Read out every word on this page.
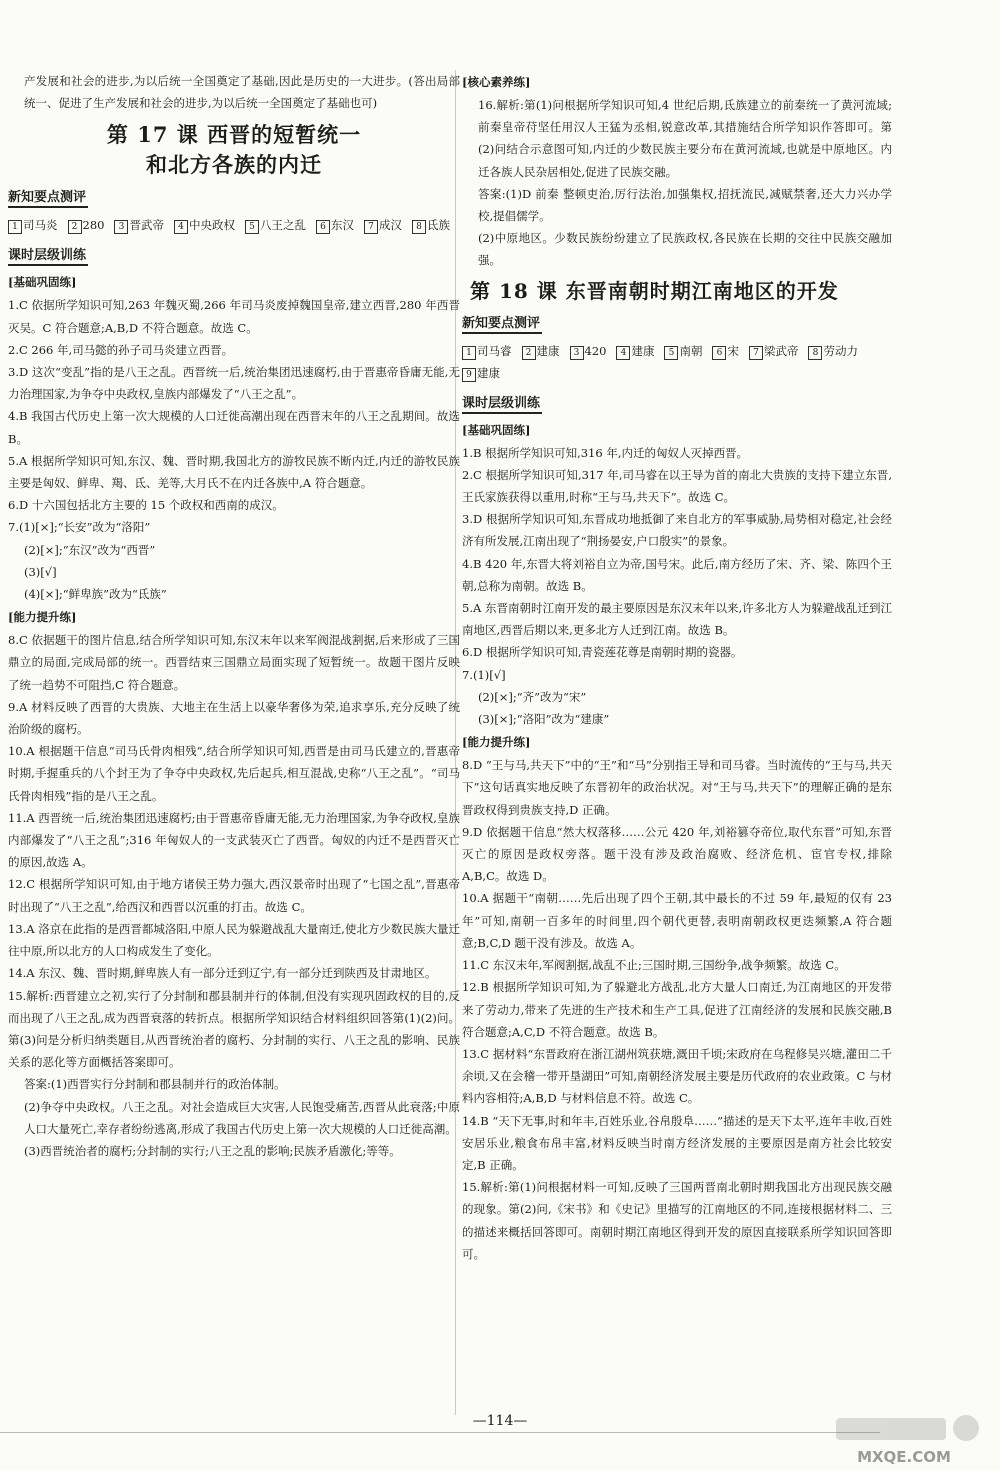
产发展和社会的进步,为以后统一全国奠定了基础,因此是历史的一大进步。(答出局部统一、促进了生产发展和社会的进步,为以后统一全国奠定了基础也可)

第 17 课 西晋的短暂统一
和北方各族的内迁
新知要点测评
1 司马炎 2 280 3 晋武帝 4 中央政权 5 八王之乱 6 东汉 7 成汉 8 氐族
课时层级训练
[基础巩固练]

1.C 依据所学知识可知,263 年魏灭蜀,266 年司马炎废掉魏国皇帝,建立西晋,280 年西晋灭吴。C 符合题意;A,B,D 不符合题意。故选 C。

2.C 266 年,司马懿的孙子司马炎建立西晋。

3.D 这次“变乱”指的是八王之乱。西晋统一后,统治集团迅速腐朽,由于晋惠帝昏庸无能,无力治理国家,为争夺中央政权,皇族内部爆发了“八王之乱”。

4.B 我国古代历史上第一次大规模的人口迁徙高潮出现在西晋末年的八王之乱期间。故选 B。

5.A 根据所学知识可知,东汉、魏、晋时期,我国北方的游牧民族不断内迁,内迁的游牧民族主要是匈奴、鲜卑、羯、氐、羌等,大月氏不在内迁各族中,A 符合题意。

6.D 十六国包括北方主要的 15 个政权和西南的成汉。

7.(1)[×];“长安”改为“洛阳”

(2)[×];“东汉”改为“西晋”

(3)[√]

(4)[×];“鲜卑族”改为“氐族”

[能力提升练]

8.C 依据题干的图片信息,结合所学知识可知,东汉末年以来军阀混战割据,后来形成了三国鼎立的局面,完成局部的统一。西晋结束三国鼎立局面实现了短暂统一。故题干图片反映了统一趋势不可阻挡,C 符合题意。

9.A 材料反映了西晋的大贵族、大地主在生活上以豪华奢侈为荣,追求享乐,充分反映了统治阶级的腐朽。

10.A 根据题干信息“司马氏骨肉相残”,结合所学知识可知,西晋是由司马氏建立的,晋惠帝时期,手握重兵的八个封王为了争夺中央政权,先后起兵,相互混战,史称“八王之乱”。“司马氏骨肉相残”指的是八王之乱。

11.A 西晋统一后,统治集团迅速腐朽;由于晋惠帝昏庸无能,无力治理国家,为争夺政权,皇族内部爆发了“八王之乱”;316 年匈奴人的一支武装灭亡了西晋。匈奴的内迁不是西晋灭亡的原因,故选 A。

12.C 根据所学知识可知,由于地方诸侯王势力强大,西汉景帝时出现了“七国之乱”,晋惠帝时出现了“八王之乱”,给西汉和西晋以沉重的打击。故选 C。

13.A 洛京在此指的是西晋都城洛阳,中原人民为躲避战乱大量南迁,使北方少数民族大量迁往中原,所以北方的人口构成发生了变化。

14.A 东汉、魏、晋时期,鲜卑族人有一部分迁到辽宁,有一部分迁到陕西及甘肃地区。

15.解析:西晋建立之初,实行了分封制和郡县制并行的体制,但没有实现巩固政权的目的,反而出现了八王之乱,成为西晋衰落的转折点。根据所学知识结合材料组织回答第(1)(2)问。第(3)问是分析归纳类题目,从西晋统治者的腐朽、分封制的实行、八王之乱的影响、民族关系的恶化等方面概括答案即可。

答案:(1)西晋实行分封制和郡县制并行的政治体制。

(2)争夺中央政权。八王之乱。对社会造成巨大灾害,人民饱受痛苦,西晋从此衰落;中原人口大量死亡,幸存者纷纷逃离,形成了我国古代历史上第一次大规模的人口迁徙高潮。

(3)西晋统治者的腐朽;分封制的实行;八王之乱的影响;民族矛盾激化;等等。

[核心素养练]

16.解析:第(1)问根据所学知识可知,4 世纪后期,氐族建立的前秦统一了黄河流域;前秦皇帝苻坚任用汉人王猛为丞相,锐意改革,其措施结合所学知识作答即可。第(2)问结合示意图可知,内迁的少数民族主要分布在黄河流域,也就是中原地区。内迁各族人民杂居相处,促进了民族交融。

答案:(1)D 前秦 整顿吏治,厉行法治,加强集权,招抚流民,减赋禁奢,还大力兴办学校,提倡儒学。

(2)中原地区。少数民族纷纷建立了民族政权,各民族在长期的交往中民族交融加强。

第 18 课 东晋南朝时期江南地区的开发
新知要点测评
1 司马睿 2 建康 3 420 4 建康 5 南朝 6 宋 7 梁武帝 8 劳动力9 建康
课时层级训练
[基础巩固练]

1.B 根据所学知识可知,316 年,内迁的匈奴人灭掉西晋。

2.C 根据所学知识可知,317 年,司马睿在以王导为首的南北大贵族的支持下建立东晋,王氏家族获得以重用,时称“王与马,共天下”。故选 C。

3.D 根据所学知识可知,东晋成功地抵御了来自北方的军事威胁,局势相对稳定,社会经济有所发展,江南出现了“荆扬晏安,户口殷实”的景象。

4.B 420 年,东晋大将刘裕自立为帝,国号宋。此后,南方经历了宋、齐、梁、陈四个王朝,总称为南朝。故选 B。

5.A 东晋南朝时江南开发的最主要原因是东汉末年以来,许多北方人为躲避战乱迁到江南地区,西晋后期以来,更多北方人迁到江南。故选 B。

6.D 根据所学知识可知,青瓷莲花尊是南朝时期的瓷器。

7.(1)[√]

(2)[×];“齐”改为“宋”

(3)[×];“洛阳”改为“建康”

[能力提升练]

8.D “王与马,共天下”中的“王”和“马”分别指王导和司马睿。当时流传的“王与马,共天下”这句话真实地反映了东晋初年的政治状况。对“王与马,共天下”的理解正确的是东晋政权得到贵族支持,D 正确。

9.D 依据题干信息“然大权落移……公元 420 年,刘裕篡夺帝位,取代东晋”可知,东晋灭亡的原因是政权旁落。题干没有涉及政治腐败、经济危机、宦官专权,排除 A,B,C。故选 D。

10.A 据题干“南朝……先后出现了四个王朝,其中最长的不过 59 年,最短的仅有 23 年”可知,南朝一百多年的时间里,四个朝代更替,表明南朝政权更迭频繁,A 符合题意;B,C,D 题干没有涉及。故选 A。

11.C 东汉末年,军阀割据,战乱不止;三国时期,三国纷争,战争频繁。故选 C。

12.B 根据所学知识可知,为了躲避北方战乱,北方大量人口南迁,为江南地区的开发带来了劳动力,带来了先进的生产技术和生产工具,促进了江南经济的发展和民族交融,B 符合题意;A,C,D 不符合题意。故选 B。

13.C 据材料“东晋政府在浙江湖州筑获塘,溉田千顷;宋政府在乌程修吴兴塘,灌田二千余顷,又在会稽一带开垦湖田”可知,南朝经济发展主要是历代政府的农业政策。C 与材料内容相符;A,B,D 与材料信息不符。故选 C。

14.B “天下无事,时和年丰,百姓乐业,谷帛殷阜……”描述的是天下太平,连年丰收,百姓安居乐业,粮食布帛丰富,材料反映当时南方经济发展的主要原因是南方社会比较安定,B 正确。

15.解析:第(1)问根据材料一可知,反映了三国两晋南北朝时期我国北方出现民族交融的现象。第(2)问,《宋书》和《史记》里描写的江南地区的不同,连接根据材料二、三的描述来概括回答即可。南朝时期江南地区得到开发的原因直接联系所学知识回答即可。

—114—
MXQE.COM
